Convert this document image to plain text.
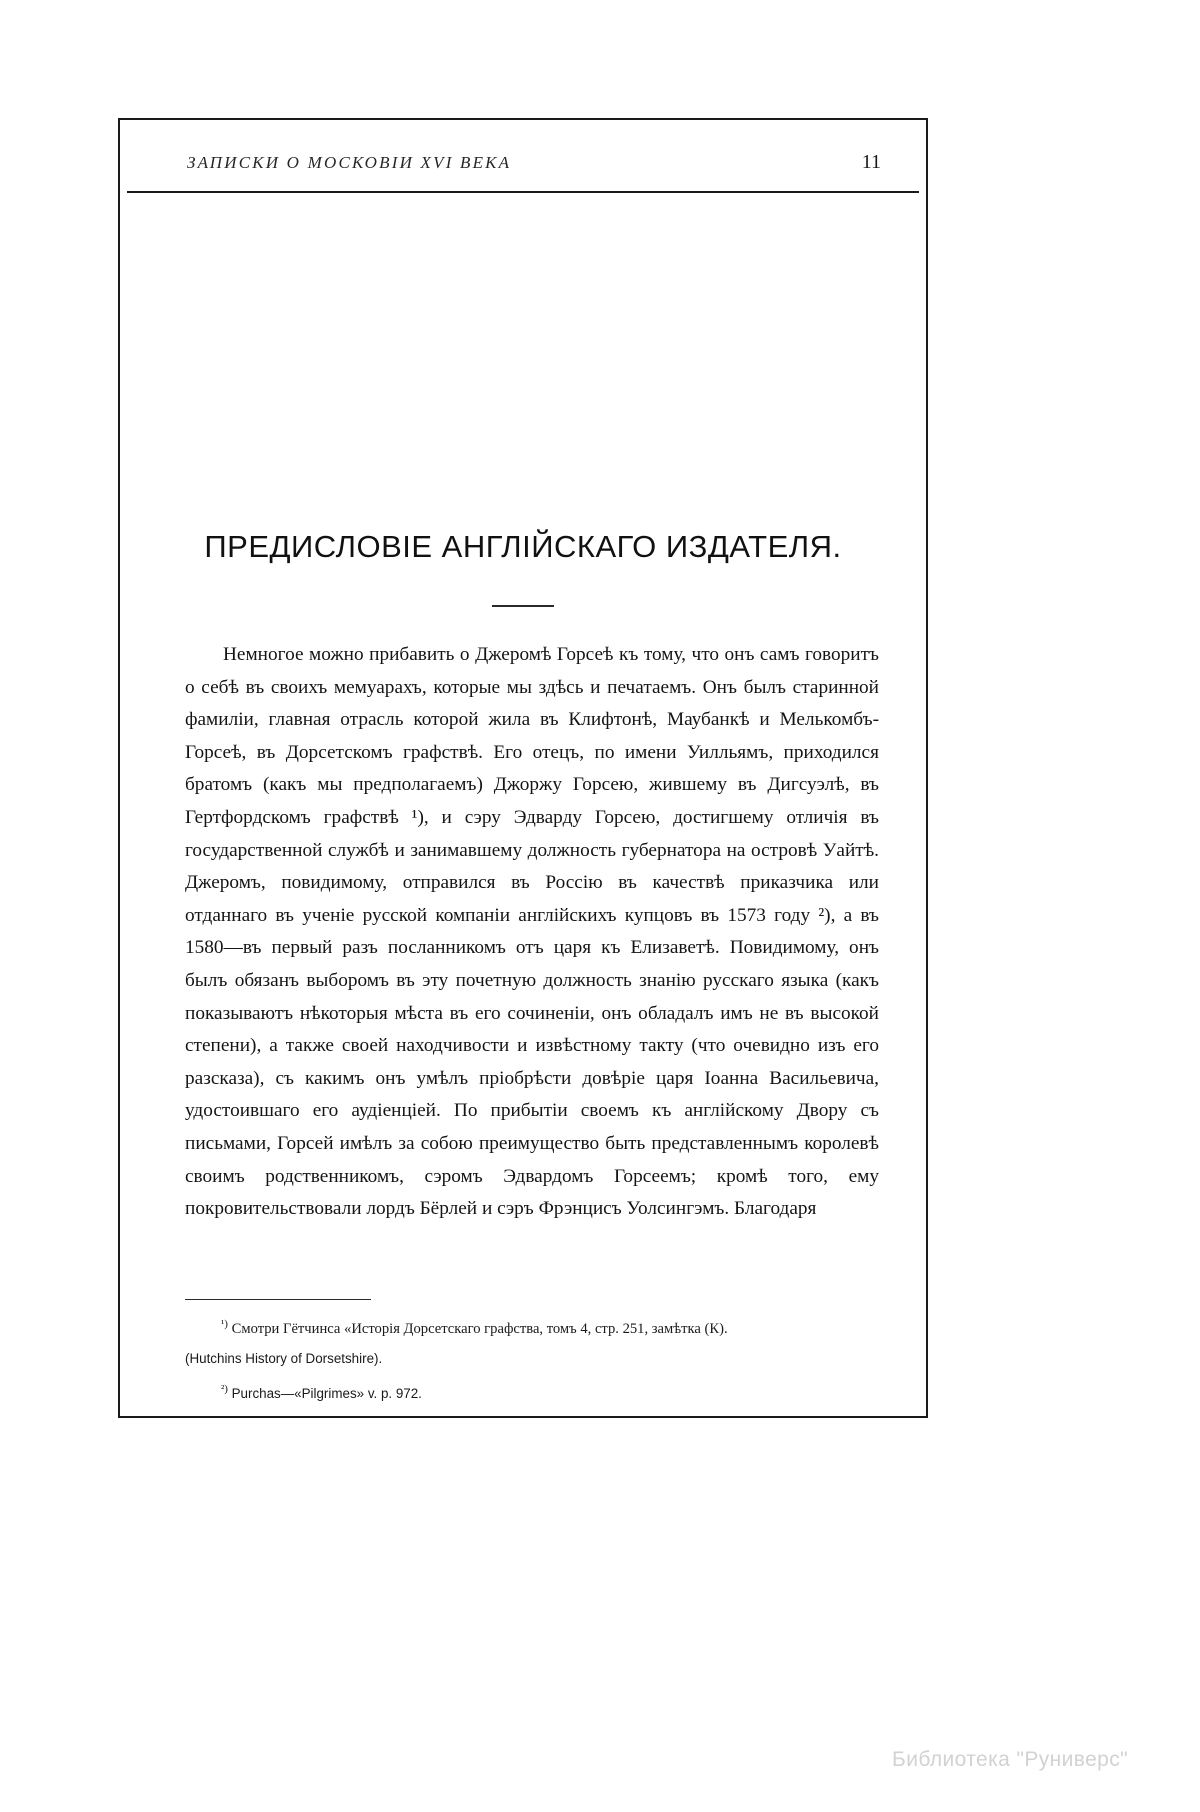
ЗАПИСКИ О МОСКОВІИ XVI ВЕКА	11
ПРЕДИСЛОВІЕ АНГЛІЙСКАГО ИЗДАТЕЛЯ.

Немногое можно прибавить о Джеромѣ Горсеѣ къ тому, что онъ самъ говоритъ о себѣ въ своихъ мемуарахъ, которые мы здѣсь и печатаемъ. Онъ былъ старинной фамиліи, главная отрасль которой жила въ Клифтонѣ, Маубанкѣ и Мелькомбъ-Горсеѣ, въ Дорсетскомъ графствѣ. Его отецъ, по имени Уилльямъ, приходился братомъ (какъ мы предполагаемъ) Джоржу Горсею, жившему въ Дигсуэлѣ, въ Гертфордскомъ графствѣ ¹), и сэру Эдварду Горсею, достигшему отличія въ государственной службѣ и занимавшему должность губернатора на островѣ Уайтѣ. Джеромъ, повидимому, отправился въ Россію въ качествѣ приказчика или отданнаго въ ученіе русской компаніи англійскихъ купцовъ въ 1573 году ²), а въ 1580—въ первый разъ посланникомъ отъ царя къ Елизаветѣ. Повидимому, онъ былъ обязанъ выборомъ въ эту почетную должность знанію русскаго языка (какъ показываютъ нѣкоторыя мѣста въ его сочиненіи, онъ обладалъ имъ не въ высокой степени), а также своей находчивости и извѣстному такту (что очевидно изъ его разсказа), съ какимъ онъ умѣлъ пріобрѣсти довѣріе царя Іоанна Васильевича, удостоившаго его аудіенціей. По прибытіи своемъ къ англійскому Двору съ письмами, Горсей имѣлъ за собою преимущество быть представленнымъ королевѣ своимъ родственникомъ, сэромъ Эдвардомъ Горсеемъ; кромѣ того, ему покровительствовали лордъ Бёрлей и сэръ Фрэнцисъ Уолсингэмъ. Благодаря

$^{^1)}$ Смотри Гётчинса «Исторія Дорсетскаго графства, томъ 4, стр. 251, замѣтка (К).

(Hutchins History of Dorsetshire).

$^{^2)}$ Purchas—«Pilgrimes» v. p. 972.

Библиотека "Руниверс"
